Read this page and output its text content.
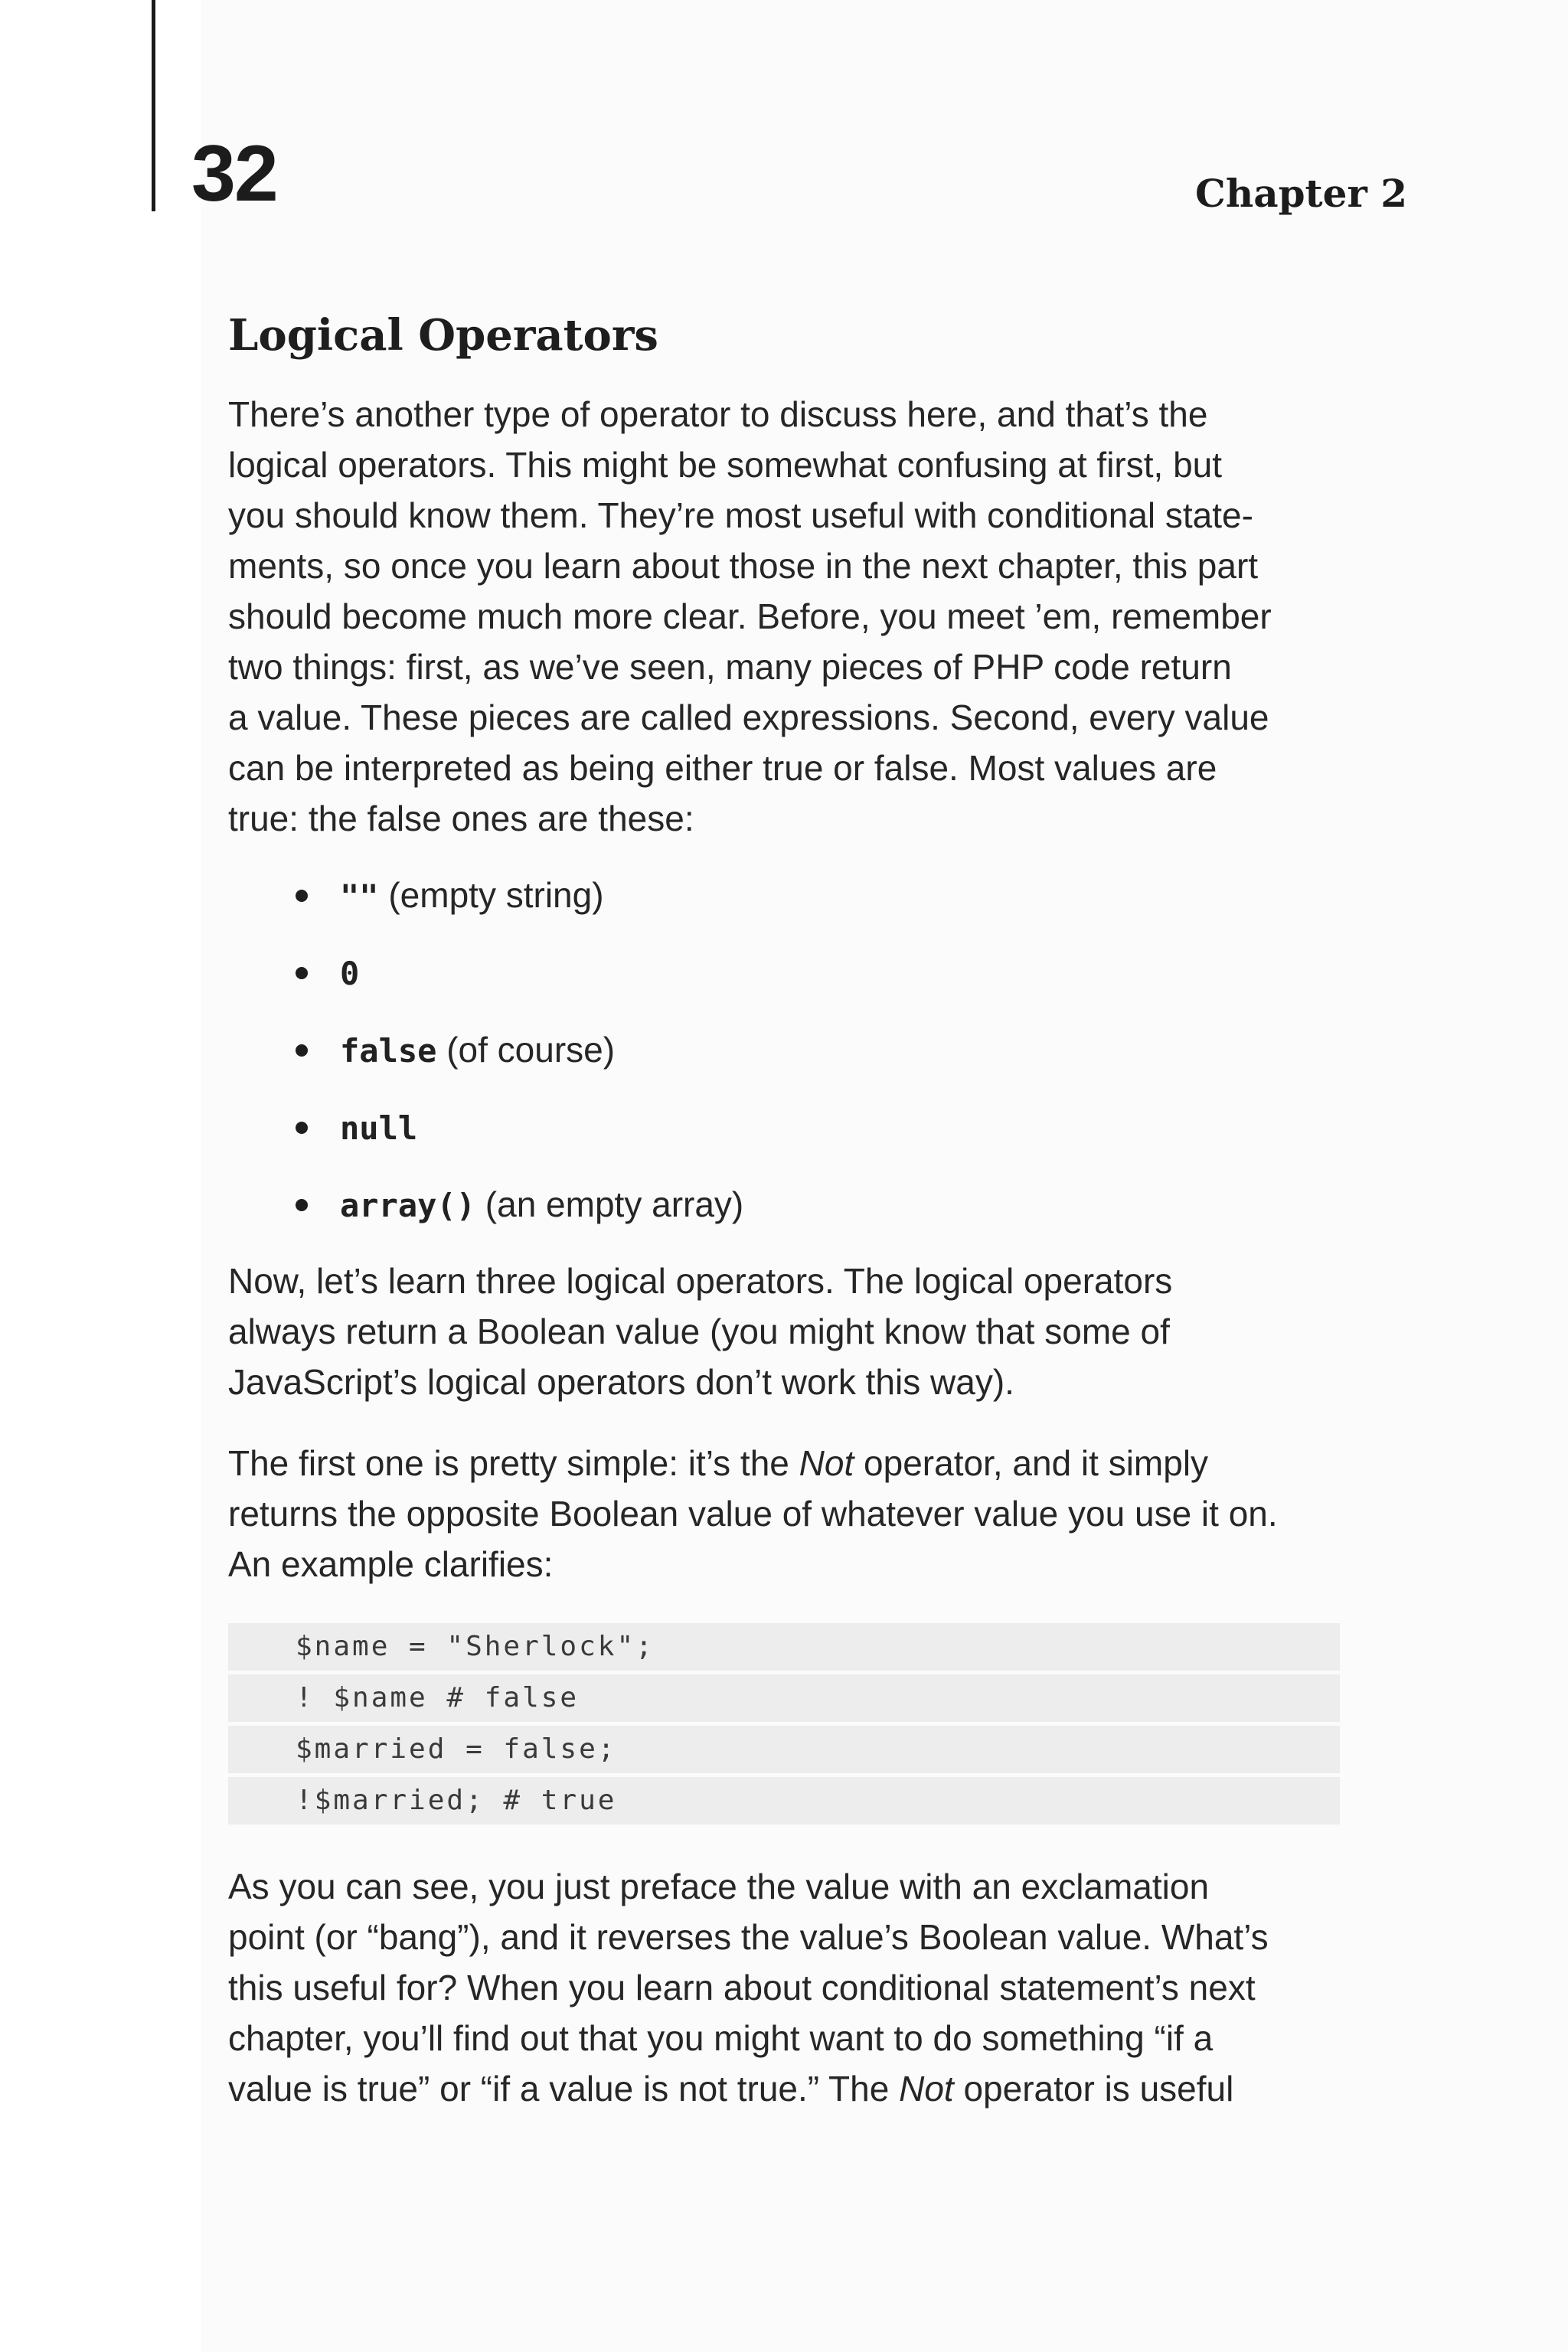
32	Chapter 2
Logical Operators

There’s another type of operator to discuss here, and that’s the
logical operators. This might be somewhat confusing at first, but
you should know them. They’re most useful with conditional state-
ments, so once you learn about those in the next chapter, this part
should become much more clear. Before, you meet ’em, remember
two things: first, as we’ve seen, many pieces of PHP code return
a value. These pieces are called expressions. Second, every value
can be interpreted as being either true or false. Most values are
true: the false ones are these:

"" (empty string)
0
false (of course)
null
array() (an empty array)

Now, let’s learn three logical operators. The logical operators
always return a Boolean value (you might know that some of
JavaScript’s logical operators don’t work this way).

The first one is pretty simple: it’s the Not operator, and it simply
returns the opposite Boolean value of whatever value you use it on.
An example clarifies:

$name = "Sherlock";
! $name # false
$married = false;
!$married; # true

As you can see, you just preface the value with an exclamation
point (or “bang”), and it reverses the value’s Boolean value. What’s
this useful for? When you learn about conditional statement’s next
chapter, you’ll find out that you might want to do something “if a
value is true” or “if a value is not true.” The Not operator is useful
